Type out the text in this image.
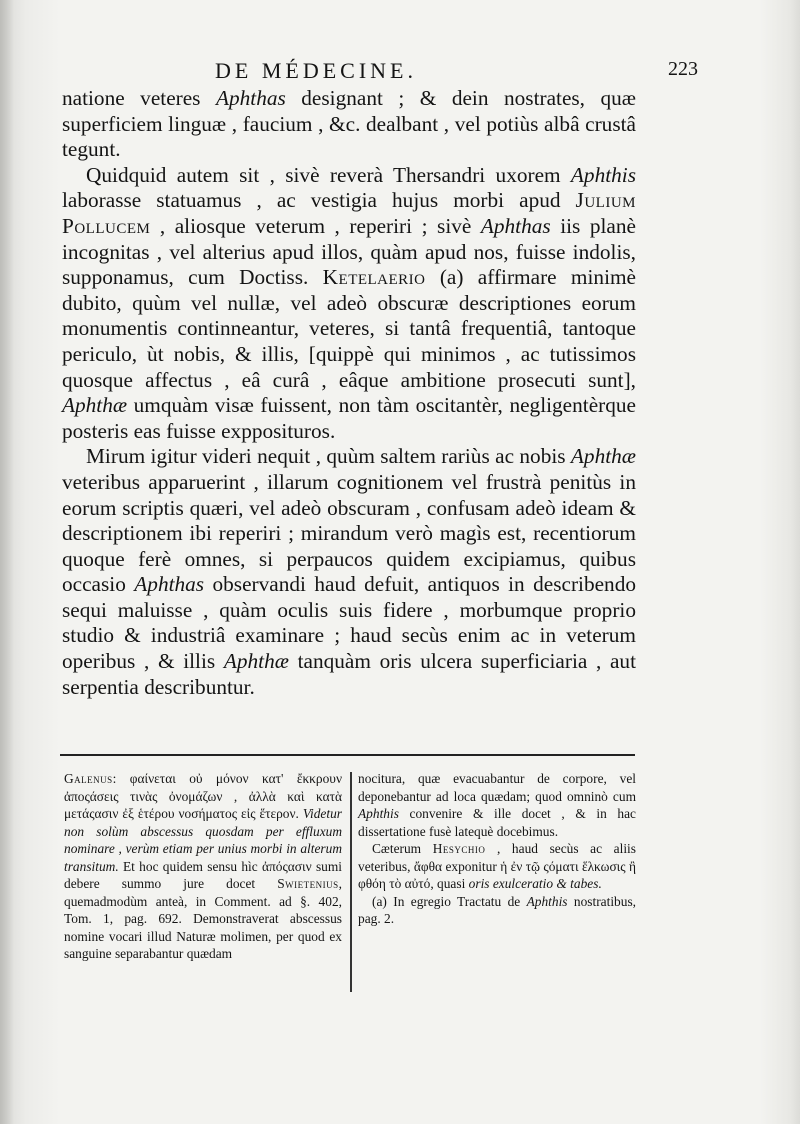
DE MÉDECINE.	223

natione veteres Aphthas designant ; & dein nostrates, quæ superficiem linguæ , faucium , &c. dealbant , vel potiùs albâ crustâ tegunt.

Quidquid autem sit , sivè reverà Thersandri uxorem Aphthis laborasse statuamus , ac vestigia hujus morbi apud Julium Pollucem , aliosque veterum , reperiri ; sivè Aphthas iis planè incognitas , vel alterius apud illos, quàm apud nos, fuisse indolis, supponamus, cum Doctiss. Ketelaerio (a) affirmare minimè dubito, quùm vel nullæ, vel adeò obscuræ descriptiones eorum monumentis continneantur, veteres, si tantâ frequentiâ, tantoque periculo, ùt nobis, & illis, [quippè qui minimos , ac tutissimos quosque affectus , eâ curâ , eâque ambitione prosecuti sunt], Aphthæ umquàm visæ fuissent, non tàm oscitantèr, negligentèrque posteris eas fuisse expposituros.

Mirum igitur videri nequit , quùm saltem rariùs ac nobis Aphthæ veteribus apparuerint , illarum cognitionem vel frustrà penitùs in eorum scriptis quæri, vel adeò obscuram , confusam adeò ideam & descriptionem ibi reperiri ; mirandum verò magìs est, recentiorum quoque ferè omnes, si perpaucos quidem excipiamus, quibus occasio Aphthas observandi haud defuit, antiquos in describendo sequi maluisse , quàm oculis suis fidere , morbumque proprio studio & industriâ examinare ; haud secùs enim ac in veterum operibus , & illis Aphthæ tanquàm oris ulcera superficiaria , aut serpentia describuntur.

Galenus: φαίνεται οὐ μόνον κατ' ἔκκρουν ἀποςάσεις τινὰς ὀνομάζων , ἀλλὰ καὶ κατὰ μετάςασιν ἐξ ἑτέρου νοσήματος εἰς ἕτερον. Videtur non solùm abscessus quosdam per effluxum nominare , verùm etiam per unius morbi in alterum transitum. Et hoc quidem sensu hìc ἀπόςασιν sumi debere summo jure docet Swietenius, quemadmodùm anteà, in Comment. ad §. 402, Tom. 1, pag. 692. Demonstraverat abscessus nomine vocari illud Naturæ molimen, per quod ex sanguine separabantur quædam

nocitura, quæ evacuabantur de corpore, vel deponebantur ad loca quædam; quod omninò cum Aphthis convenire & ille docet , & in hac dissertatione fusè latequè docebimus.

Cæterum Hesychio , haud secùs ac aliis veteribus, ἄφθα exponitur ἡ ἐν τῷ ςόματι ἕλκωσις ἢ φθόη τὸ αὐτό, quasi oris exulceratio & tabes.

(a) In egregio Tractatu de Aphthis nostratibus, pag. 2.
